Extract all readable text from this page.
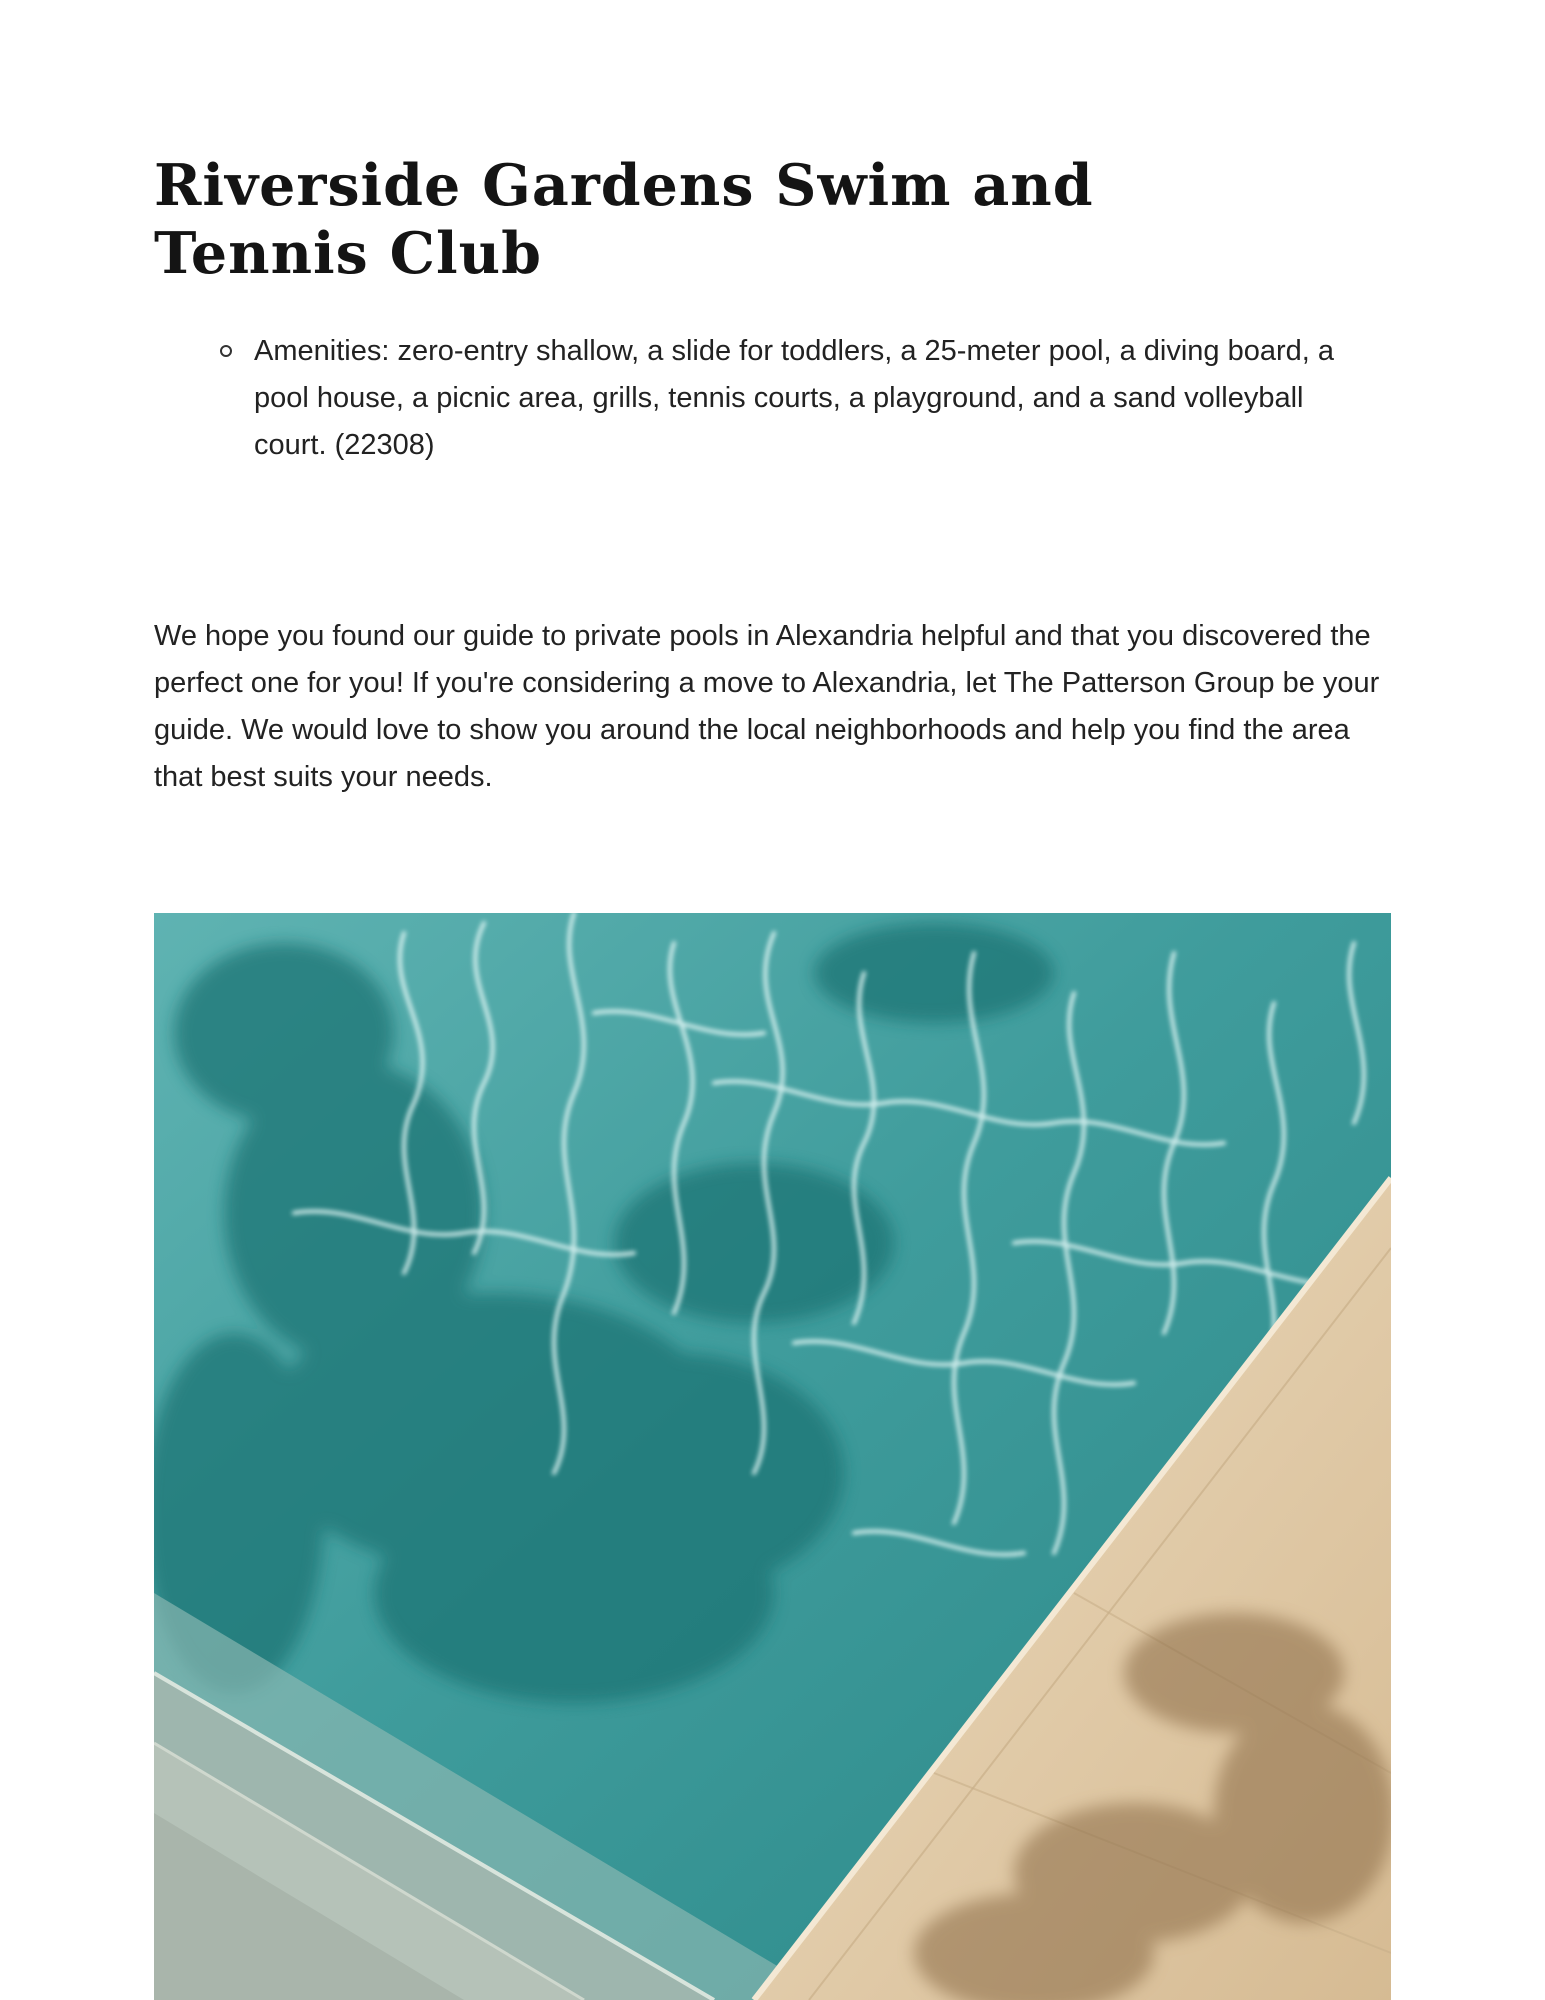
Riverside Gardens Swim and Tennis Club
Amenities: zero-entry shallow, a slide for toddlers, a 25-meter pool, a diving board, a pool house, a picnic area, grills, tennis courts, a playground, and a sand volleyball court. (22308)

We hope you found our guide to private pools in Alexandria helpful and that you discovered the perfect one for you! If you're considering a move to Alexandria, let The Patterson Group be your guide. We would love to show you around the local neighborhoods and help you find the area that best suits your needs.
